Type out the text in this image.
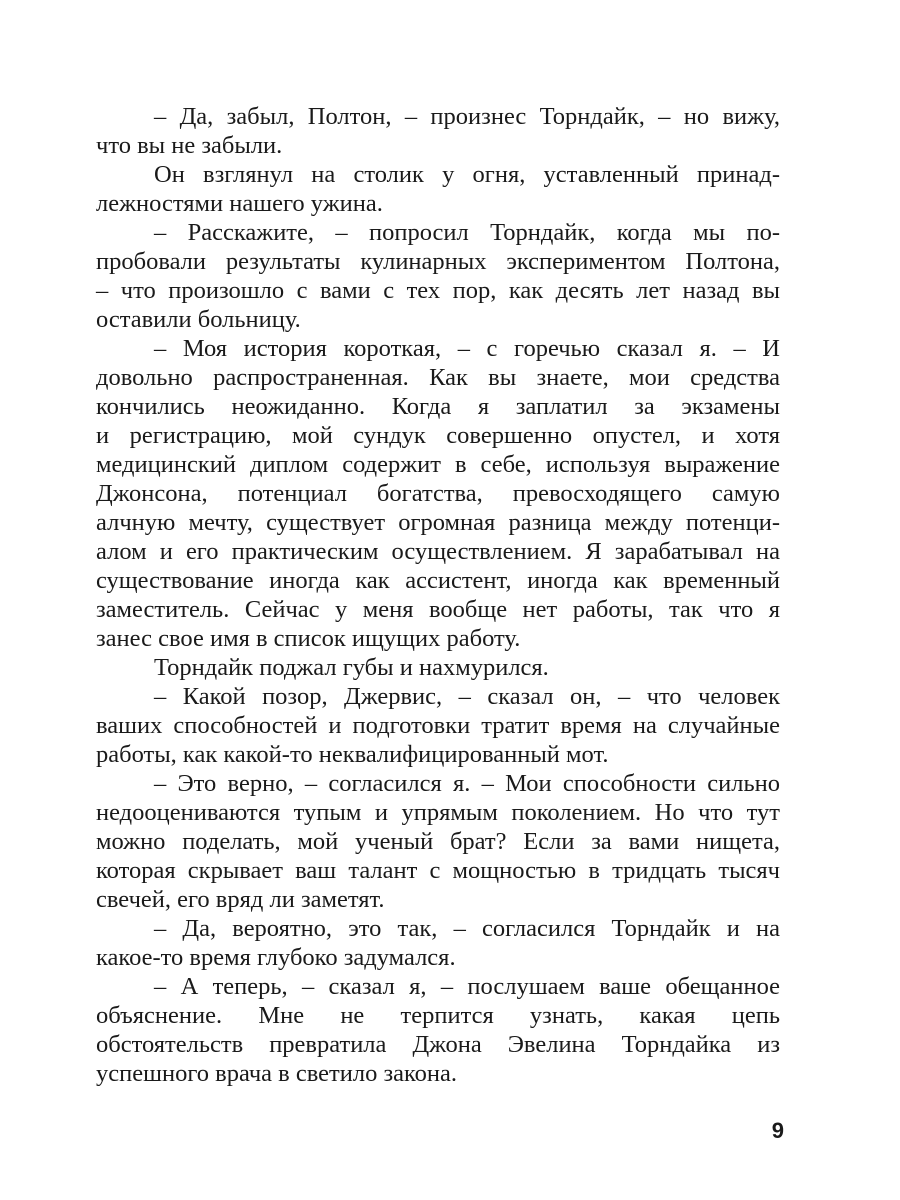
– Да, забыл, Полтон, – произнес Торндайк, – но вижу,
что вы не забыли.
Он взглянул на столик у огня, уставленный принад-
лежностями нашего ужина.
– Расскажите, – попросил Торндайк, когда мы по-
пробовали результаты кулинарных экспериментом Полтона,
– что произошло с вами с тех пор, как десять лет назад вы
оставили больницу.
– Моя история короткая, – с горечью сказал я. – И
довольно распространенная. Как вы знаете, мои средства
кончились неожиданно. Когда я заплатил за экзамены
и регистрацию, мой сундук совершенно опустел, и хотя
медицинский диплом содержит в себе, используя выражение
Джонсона, потенциал богатства, превосходящего самую
алчную мечту, существует огромная разница между потенци-
алом и его практическим осуществлением. Я зарабатывал на
существование иногда как ассистент, иногда как временный
заместитель. Сейчас у меня вообще нет работы, так что я
занес свое имя в список ищущих работу.
Торндайк поджал губы и нахмурился.
– Какой позор, Джервис, – сказал он, – что человек
ваших способностей и подготовки тратит время на случайные
работы, как какой-то неквалифицированный мот.
– Это верно, – согласился я. – Мои способности сильно
недооцениваются тупым и упрямым поколением. Но что тут
можно поделать, мой ученый брат? Если за вами нищета,
которая скрывает ваш талант с мощностью в тридцать тысяч
свечей, его вряд ли заметят.
– Да, вероятно, это так, – согласился Торндайк и на
какое-то время глубоко задумался.
– А теперь, – сказал я, – послушаем ваше обещанное
объяснение. Мне не терпится узнать, какая цепь
обстоятельств превратила Джона Эвелина Торндайка из
успешного врача в светило закона.
9
